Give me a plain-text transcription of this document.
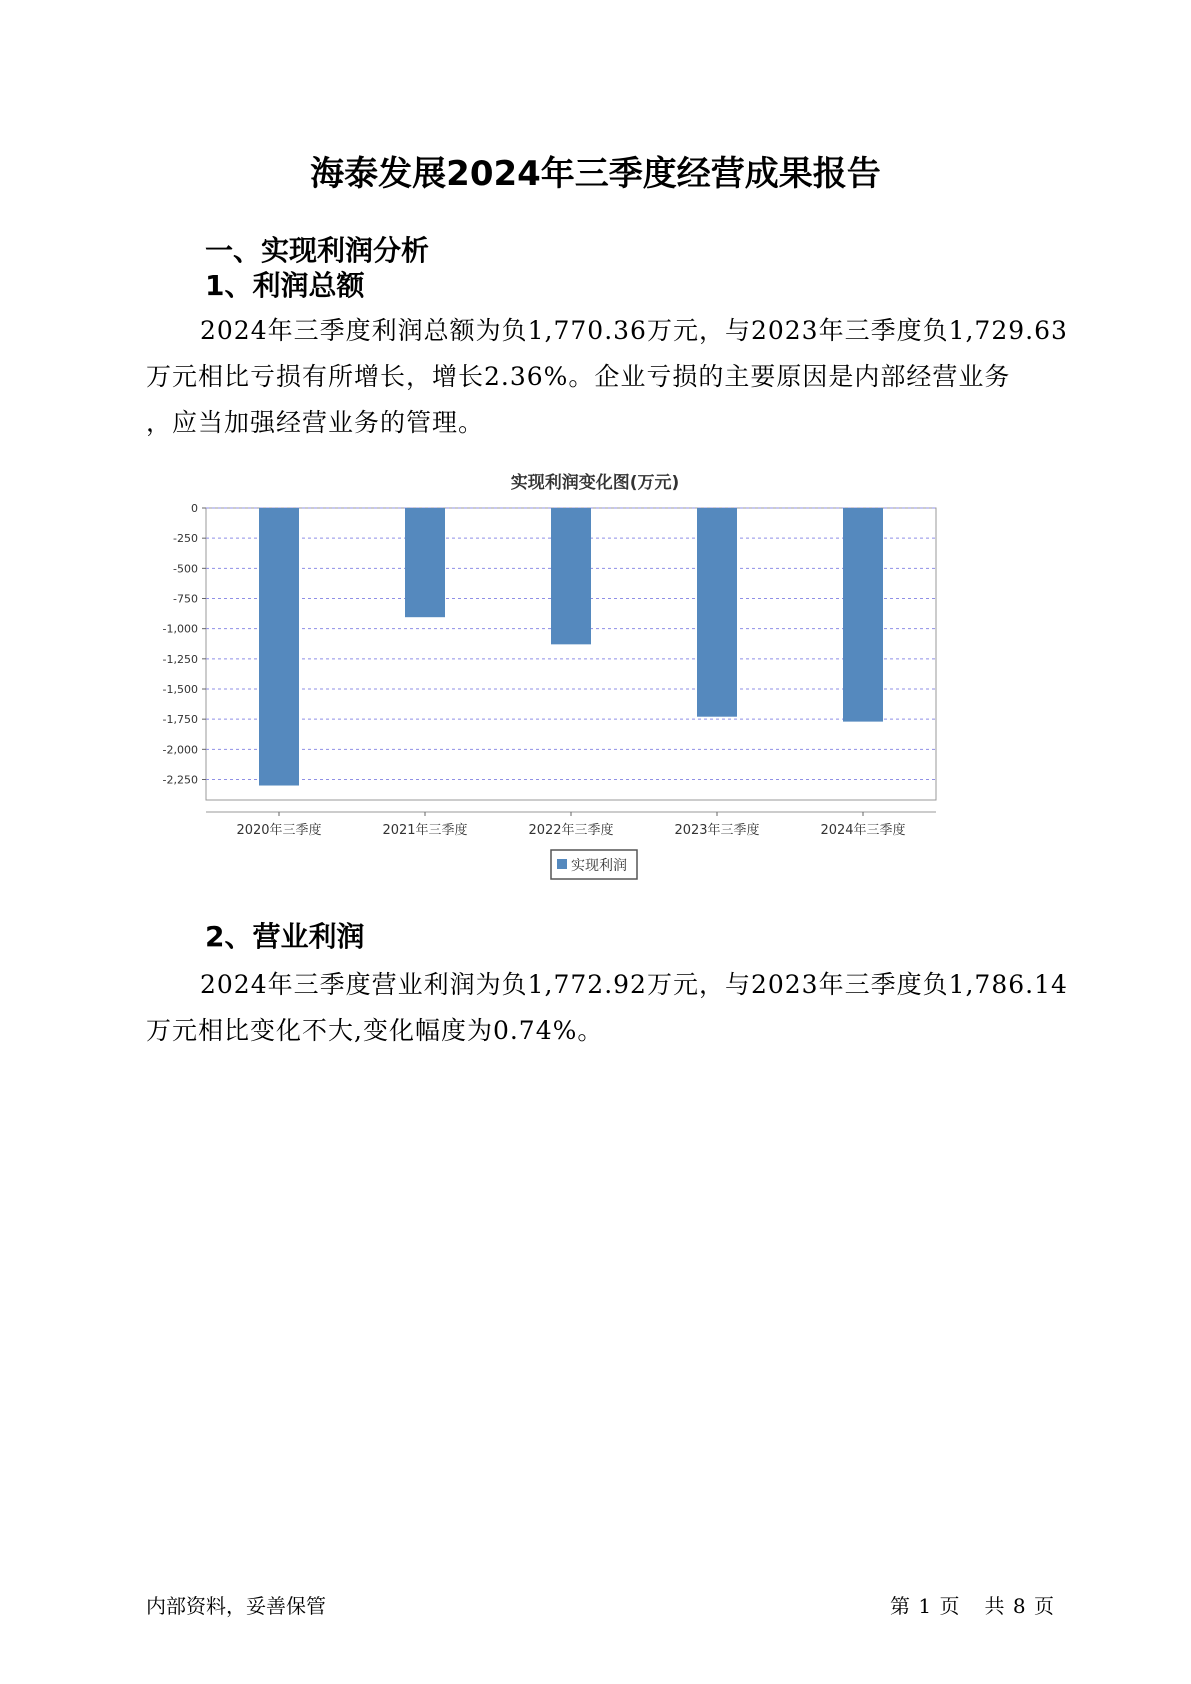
海泰发展2024年三季度经营成果报告
一、实现利润分析
1、利润总额
2024年三季度利润总额为负1,770.36万元，与2023年三季度负1,729.63
万元相比亏损有所增长，增长2.36%。企业亏损的主要原因是内部经营业务
，应当加强经营业务的管理。
实现利润变化图(万元)
0
-250
-500
-750
-1,000
-1,250
-1,500
-1,750
-2,000
-2,250
2020年三季度	2021年三季度	2022年三季度	2023年三季度	2024年三季度
实现利润
2、营业利润
2024年三季度营业利润为负1,772.92万元，与2023年三季度负1,786.14
万元相比变化不大,变化幅度为0.74%。
内部资料，妥善保管	第 1 页 共 8 页
